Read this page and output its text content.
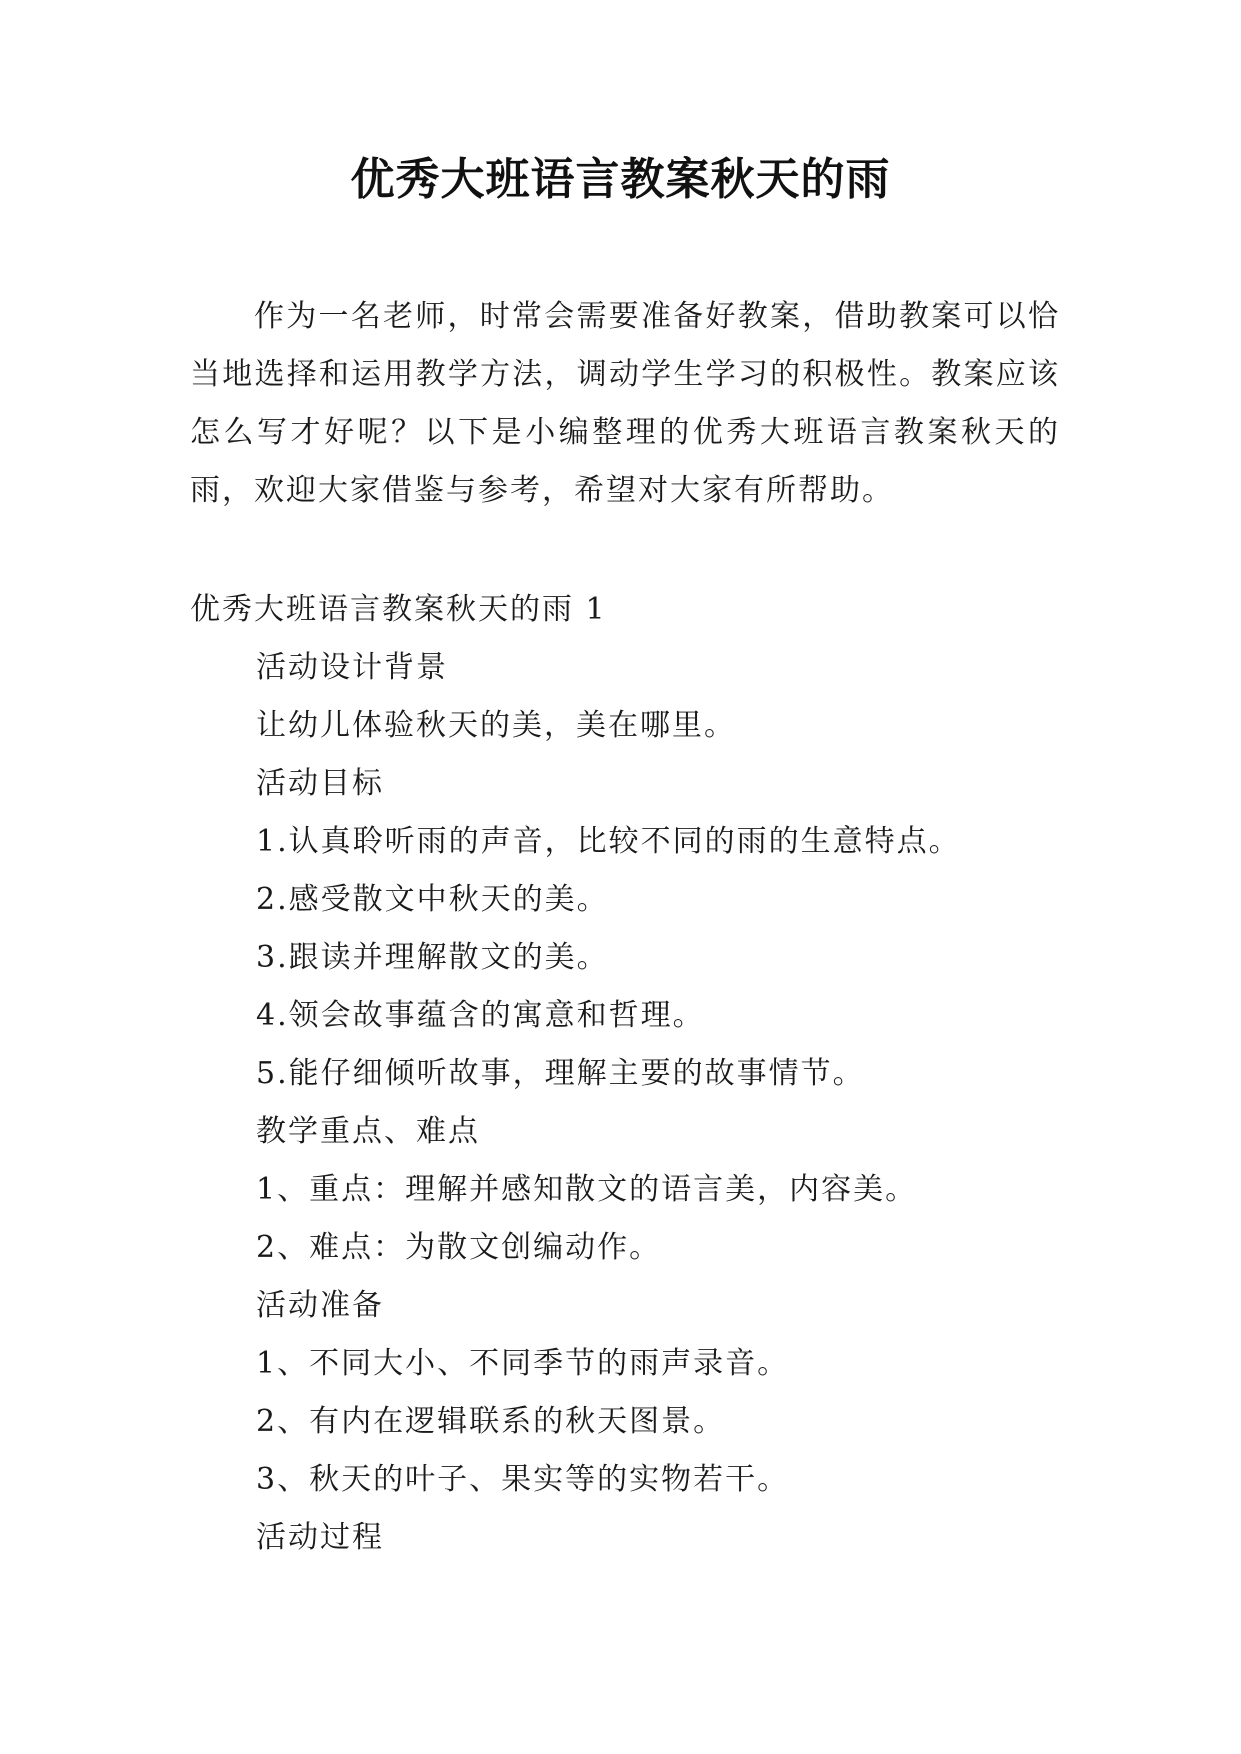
优秀大班语言教案秋天的雨

作为一名老师，时常会需要准备好教案，借助教案可以恰当地选择和运用教学方法，调动学生学习的积极性。教案应该怎么写才好呢？以下是小编整理的优秀大班语言教案秋天的雨，欢迎大家借鉴与参考，希望对大家有所帮助。

优秀大班语言教案秋天的雨 1

活动设计背景
让幼儿体验秋天的美，美在哪里。
活动目标
1.认真聆听雨的声音，比较不同的雨的生意特点。
2.感受散文中秋天的美。
3.跟读并理解散文的美。
4.领会故事蕴含的寓意和哲理。
5.能仔细倾听故事，理解主要的故事情节。
教学重点、难点
1、重点：理解并感知散文的语言美，内容美。
2、难点：为散文创编动作。
活动准备
1、不同大小、不同季节的雨声录音。
2、有内在逻辑联系的秋天图景。
3、秋天的叶子、果实等的实物若干。
活动过程
